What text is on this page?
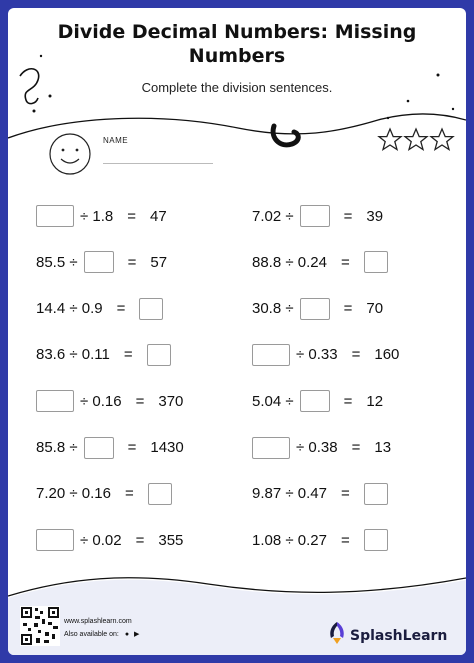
Divide Decimal Numbers: Missing
Numbers
Complete the division sentences.
NAME
÷ 1.8 = 47
85.5 ÷	= 57
14.4 ÷ 0.9 =
83.6 ÷ 0.11 =
÷ 0.16 = 370
85.8 ÷	= 1430
7.20 ÷ 0.16 =
÷ 0.02 = 355
7.02 ÷	= 39
88.8 ÷ 0.24 =
30.8 ÷	= 70
÷ 0.33 = 160
5.04 ÷	= 12
÷ 0.38 = 13
9.87 ÷ 0.47 =
1.08 ÷ 0.27 =
www.splashlearn.com
Also available on: ● ▶	SplashLearn
